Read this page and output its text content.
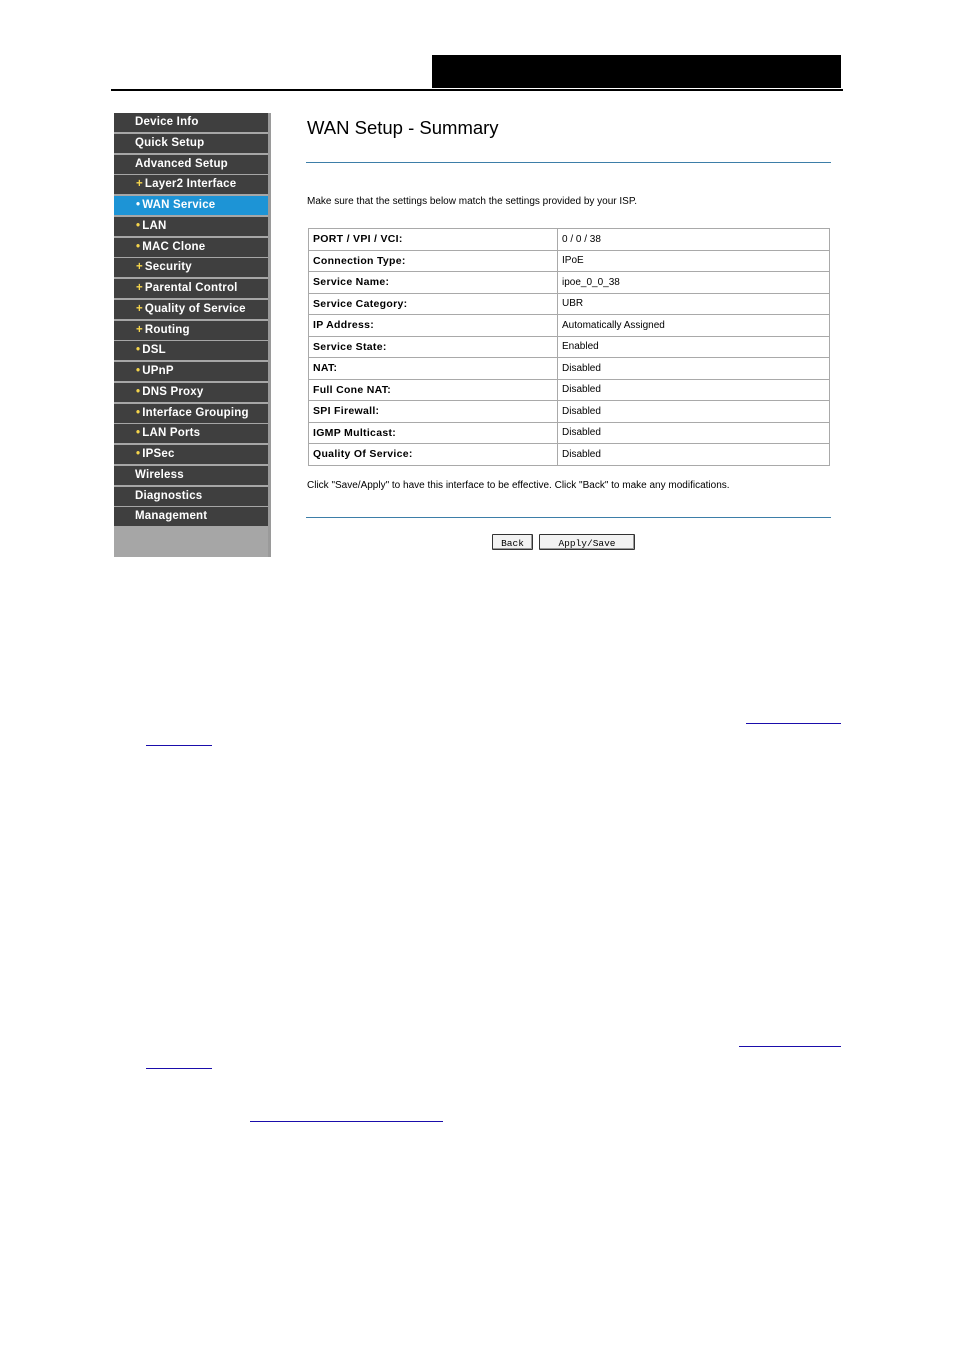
Device Info
Quick Setup
Advanced Setup
+ Layer2 Interface
• WAN Service
• LAN
• MAC Clone
+ Security
+ Parental Control
+ Quality of Service
+ Routing
• DSL
• UPnP
• DNS Proxy
• Interface Grouping
• LAN Ports
• IPSec
Wireless
Diagnostics
Management
WAN Setup - Summary
Make sure that the settings below match the settings provided by your ISP.
PORT / VPI / VCI:	0 / 0 / 38
Connection Type:	IPoE
Service Name:	ipoe_0_0_38
Service Category:	UBR
IP Address:	Automatically Assigned
Service State:	Enabled
NAT:	Disabled
Full Cone NAT:	Disabled
SPI Firewall:	Disabled
IGMP Multicast:	Disabled
Quality Of Service:	Disabled
Click "Save/Apply" to have this interface to be effective. Click "Back" to make any modifications.
Back	Apply/Save
